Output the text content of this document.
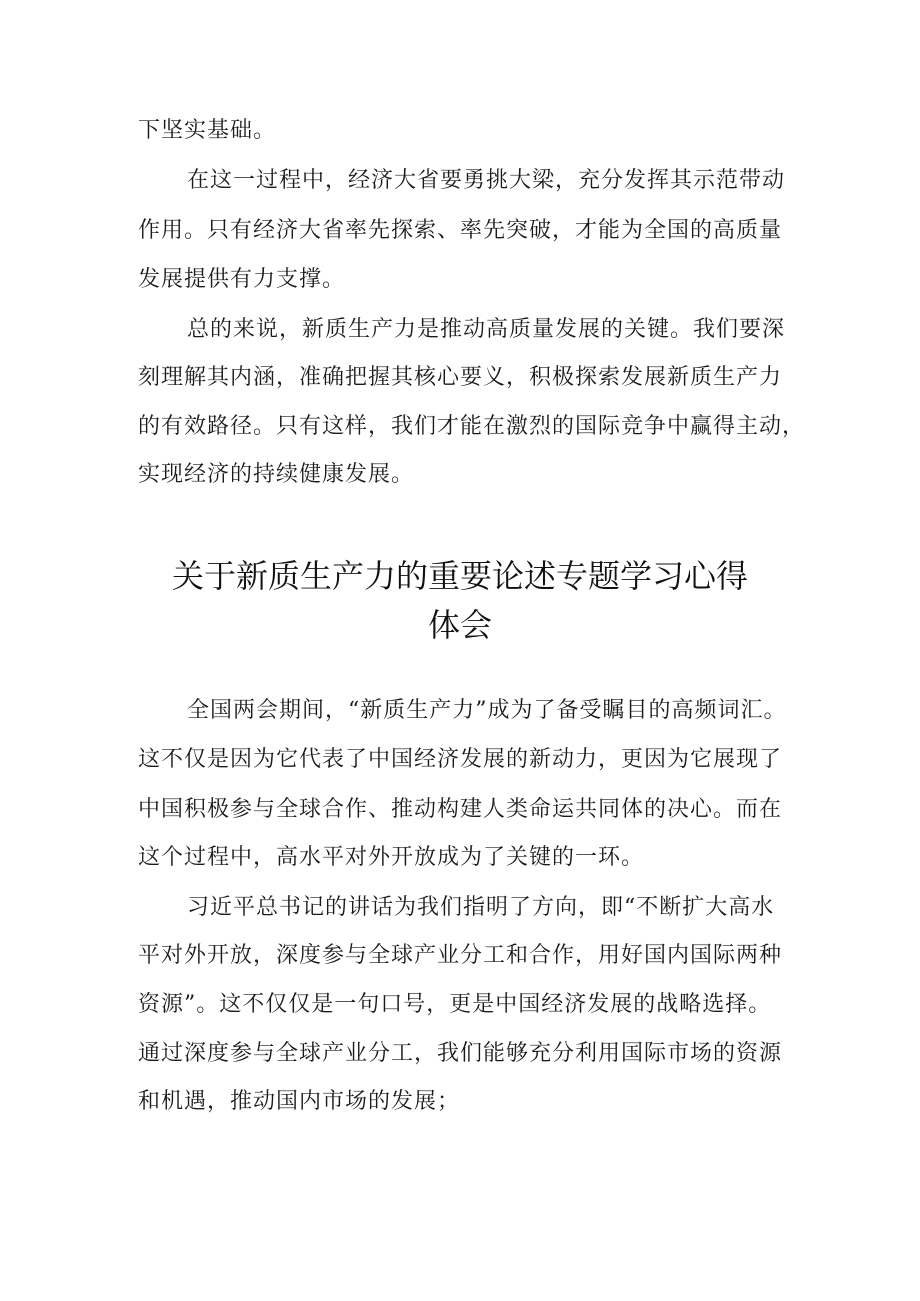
下坚实基础。
在这一过程中，经济大省要勇挑大梁，充分发挥其示范带动
作用。只有经济大省率先探索、率先突破，才能为全国的高质量
发展提供有力支撑。
总的来说，新质生产力是推动高质量发展的关键。我们要深
刻理解其内涵，准确把握其核心要义，积极探索发展新质生产力
的有效路径。只有这样，我们才能在激烈的国际竞争中赢得主动，
实现经济的持续健康发展。
关于新质生产力的重要论述专题学习心得
体会
全国两会期间，“新质生产力”成为了备受瞩目的高频词汇。
这不仅是因为它代表了中国经济发展的新动力，更因为它展现了
中国积极参与全球合作、推动构建人类命运共同体的决心。而在
这个过程中，高水平对外开放成为了关键的一环。
习近平总书记的讲话为我们指明了方向，即“不断扩大高水
平对外开放，深度参与全球产业分工和合作，用好国内国际两种
资源”。这不仅仅是一句口号，更是中国经济发展的战略选择。
通过深度参与全球产业分工，我们能够充分利用国际市场的资源
和机遇，推动国内市场的发展；
